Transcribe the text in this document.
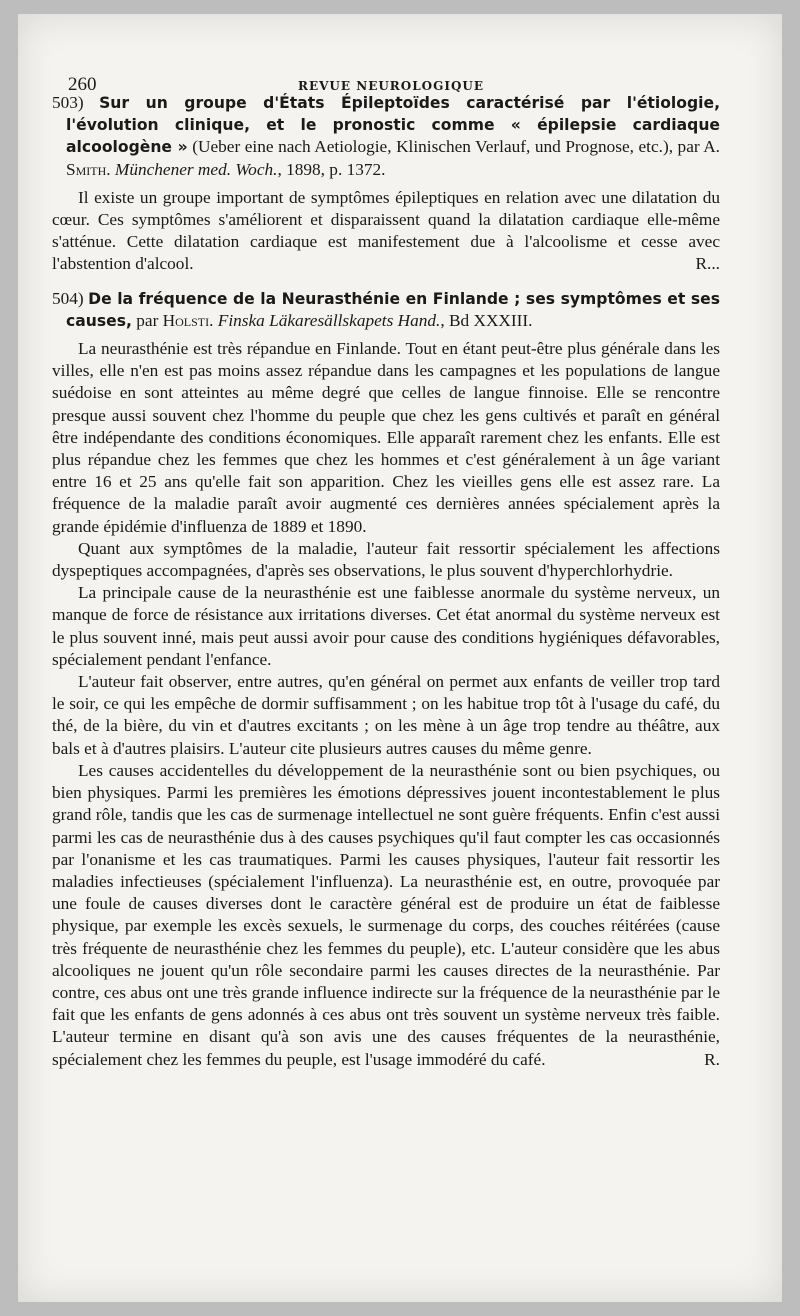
260	REVUE NEUROLOGIQUE

503) Sur un groupe d'États Épileptoïdes caractérisé par l'étiologie, l'évolution clinique, et le pronostic comme « épilepsie cardiaque alcoologène » (Ueber eine nach Aetiologie, Klinischen Verlauf, und Prognose, etc.), par A. Smith. Münchener med. Woch., 1898, p. 1372.

Il existe un groupe important de symptômes épileptiques en relation avec une dilatation du cœur. Ces symptômes s'améliorent et disparaissent quand la dilatation cardiaque elle-même s'atténue. Cette dilatation cardiaque est manifestement due à l'alcoolisme et cesse avec l'abstention d'alcool.	R...

504) De la fréquence de la Neurasthénie en Finlande ; ses symptômes et ses causes, par Holsti. Finska Läkaresällskapets Hand., Bd XXXIII.

La neurasthénie est très répandue en Finlande. Tout en étant peut-être plus générale dans les villes, elle n'en est pas moins assez répandue dans les campagnes et les populations de langue suédoise en sont atteintes au même degré que celles de langue finnoise. Elle se rencontre presque aussi souvent chez l'homme du peuple que chez les gens cultivés et paraît en général être indépendante des conditions économiques. Elle apparaît rarement chez les enfants. Elle est plus répandue chez les femmes que chez les hommes et c'est généralement à un âge variant entre 16 et 25 ans qu'elle fait son apparition. Chez les vieilles gens elle est assez rare. La fréquence de la maladie paraît avoir augmenté ces dernières années spécialement après la grande épidémie d'influenza de 1889 et 1890.

Quant aux symptômes de la maladie, l'auteur fait ressortir spécialement les affections dyspeptiques accompagnées, d'après ses observations, le plus souvent d'hyperchlorhydrie.

La principale cause de la neurasthénie est une faiblesse anormale du système nerveux, un manque de force de résistance aux irritations diverses. Cet état anormal du système nerveux est le plus souvent inné, mais peut aussi avoir pour cause des conditions hygiéniques défavorables, spécialement pendant l'enfance.

L'auteur fait observer, entre autres, qu'en général on permet aux enfants de veiller trop tard le soir, ce qui les empêche de dormir suffisamment ; on les habitue trop tôt à l'usage du café, du thé, de la bière, du vin et d'autres excitants ; on les mène à un âge trop tendre au théâtre, aux bals et à d'autres plaisirs. L'auteur cite plusieurs autres causes du même genre.

Les causes accidentelles du développement de la neurasthénie sont ou bien psychiques, ou bien physiques. Parmi les premières les émotions dépressives jouent incontestablement le plus grand rôle, tandis que les cas de surmenage intellectuel ne sont guère fréquents. Enfin c'est aussi parmi les cas de neurasthénie dus à des causes psychiques qu'il faut compter les cas occasionnés par l'onanisme et les cas traumatiques. Parmi les causes physiques, l'auteur fait ressortir les maladies infectieuses (spécialement l'influenza). La neurasthénie est, en outre, provoquée par une foule de causes diverses dont le caractère général est de produire un état de faiblesse physique, par exemple les excès sexuels, le surmenage du corps, des couches réitérées (cause très fréquente de neurasthénie chez les femmes du peuple), etc. L'auteur considère que les abus alcooliques ne jouent qu'un rôle secondaire parmi les causes directes de la neurasthénie. Par contre, ces abus ont une très grande influence indirecte sur la fréquence de la neurasthénie par le fait que les enfants de gens adonnés à ces abus ont très souvent un système nerveux très faible. L'auteur termine en disant qu'à son avis une des causes fréquentes de la neurasthénie, spécialement chez les femmes du peuple, est l'usage immodéré du café.	R.
